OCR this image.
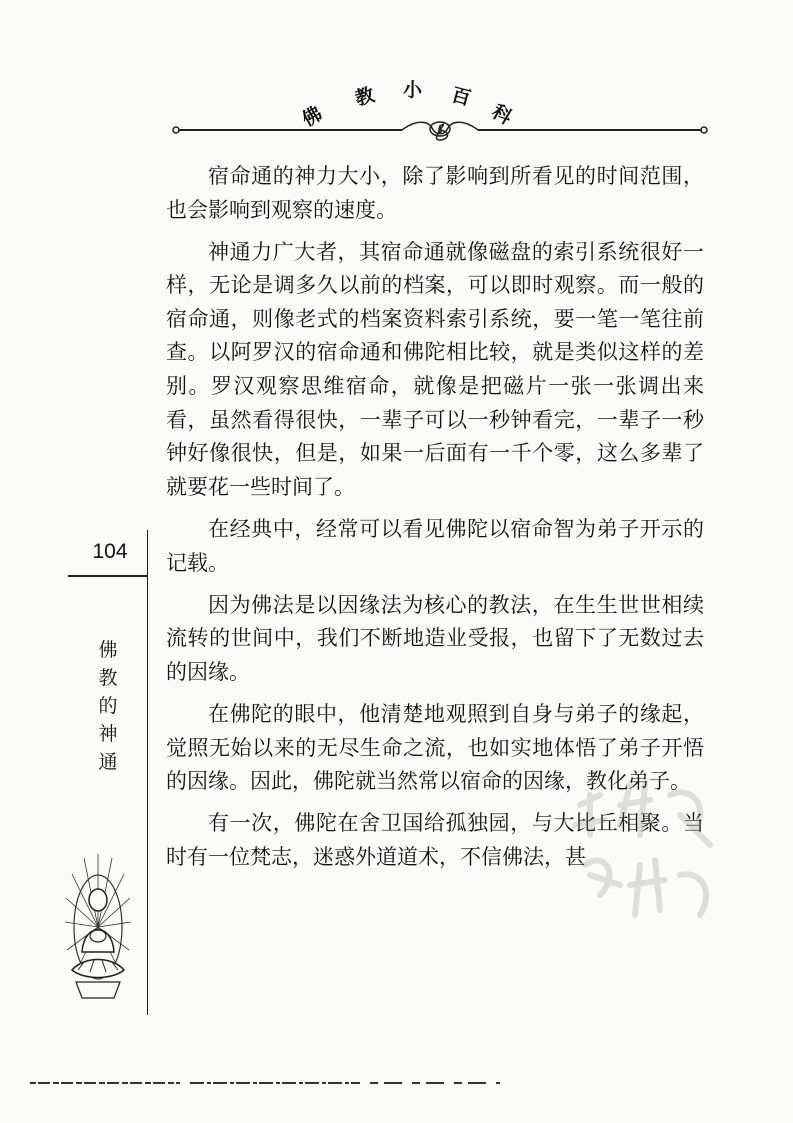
佛
教 小 百
科
104
佛
教
的
神
通

宿命通的神力大小，除了影响到所看见的时间范围，也会影响到观察的速度。

神通力广大者，其宿命通就像磁盘的索引系统很好一样，无论是调多久以前的档案，可以即时观察。而一般的宿命通，则像老式的档案资料索引系统，要一笔一笔往前查。以阿罗汉的宿命通和佛陀相比较，就是类似这样的差别。罗汉观察思维宿命，就像是把磁片一张一张调出来看，虽然看得很快，一辈子可以一秒钟看完，一辈子一秒钟好像很快，但是，如果一后面有一千个零，这么多辈了就要花一些时间了。

在经典中，经常可以看见佛陀以宿命智为弟子开示的记载。

因为佛法是以因缘法为核心的教法，在生生世世相续流转的世间中，我们不断地造业受报，也留下了无数过去的因缘。

在佛陀的眼中，他清楚地观照到自身与弟子的缘起，觉照无始以来的无尽生命之流，也如实地体悟了弟子开悟的因缘。因此，佛陀就当然常以宿命的因缘，教化弟子。

有一次，佛陀在舍卫国给孤独园，与大比丘相聚。当时有一位梵志，迷惑外道道术，不信佛法，甚
